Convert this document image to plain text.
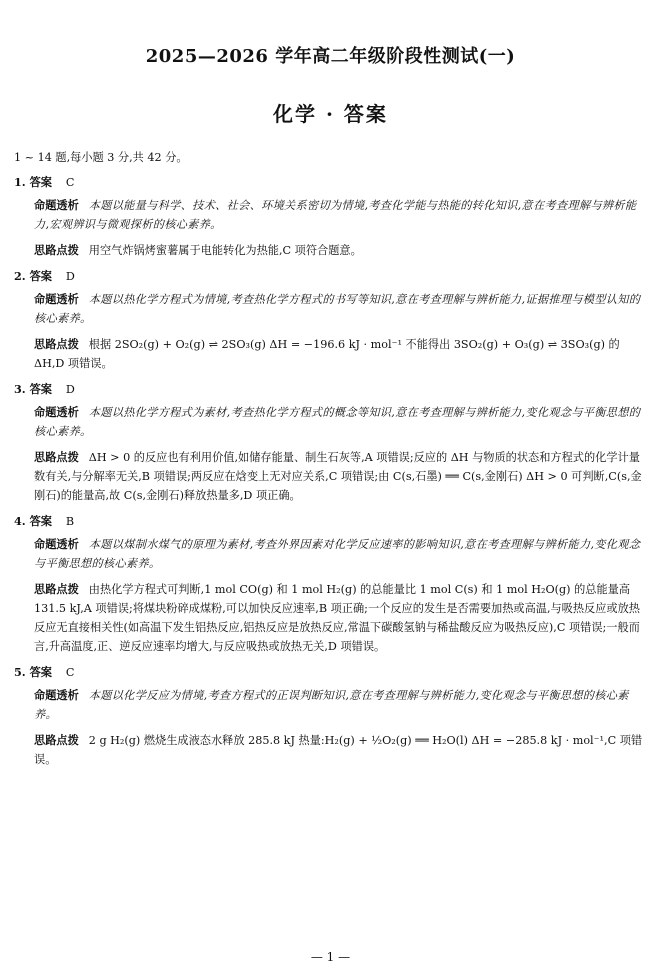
2025—2026 学年高二年级阶段性测试(一)
化学 · 答案
1 ~ 14 题,每小题 3 分,共 42 分。
1. 答案 C
命题透析 本题以能量与科学、技术、社会、环境关系密切为情境,考查化学能与热能的转化知识,意在考查理解与辨析能力,宏观辨识与微观探析的核心素养。
思路点拨 用空气炸锅烤蜜薯属于电能转化为热能,C 项符合题意。
2. 答案 D
命题透析 本题以热化学方程式为情境,考查热化学方程式的书写等知识,意在考查理解与辨析能力,证据推理与模型认知的核心素养。
思路点拨 根据 2SO₂(g) + O₂(g) ⇌ 2SO₃(g) ΔH = −196.6 kJ · mol⁻¹ 不能得出 3SO₂(g) + O₃(g) ⇌ 3SO₃(g) 的 ΔH,D 项错误。
3. 答案 D
命题透析 本题以热化学方程式为素材,考查热化学方程式的概念等知识,意在考查理解与辨析能力,变化观念与平衡思想的核心素养。
思路点拨 ΔH > 0 的反应也有利用价值,如储存能量、制生石灰等,A 项错误;反应的 ΔH 与物质的状态和方程式的化学计量数有关,与分解率无关,B 项错误;两反应在焓变上无对应关系,C 项错误;由 C(s,石墨) ══ C(s,金刚石) ΔH > 0 可判断,C(s,金刚石)的能量高,故 C(s,金刚石)释放热量多,D 项正确。
4. 答案 B
命题透析 本题以煤制水煤气的原理为素材,考查外界因素对化学反应速率的影响知识,意在考查理解与辨析能力,变化观念与平衡思想的核心素养。
思路点拨 由热化学方程式可判断,1 mol CO(g) 和 1 mol H₂(g) 的总能量比 1 mol C(s) 和 1 mol H₂O(g) 的总能量高 131.5 kJ,A 项错误;将煤块粉碎成煤粉,可以加快反应速率,B 项正确;一个反应的发生是否需要加热或高温,与吸热反应或放热反应无直接相关性(如高温下发生铝热反应,铝热反应是放热反应,常温下碳酸氢钠与稀盐酸反应为吸热反应),C 项错误;一般而言,升高温度,正、逆反应速率均增大,与反应吸热或放热无关,D 项错误。
5. 答案 C
命题透析 本题以化学反应为情境,考查方程式的正误判断知识,意在考查理解与辨析能力,变化观念与平衡思想的核心素养。
思路点拨 2 g H₂(g) 燃烧生成液态水释放 285.8 kJ 热量:H₂(g) + ½O₂(g) ══ H₂O(l) ΔH = −285.8 kJ · mol⁻¹,C 项错误。
— 1 —
